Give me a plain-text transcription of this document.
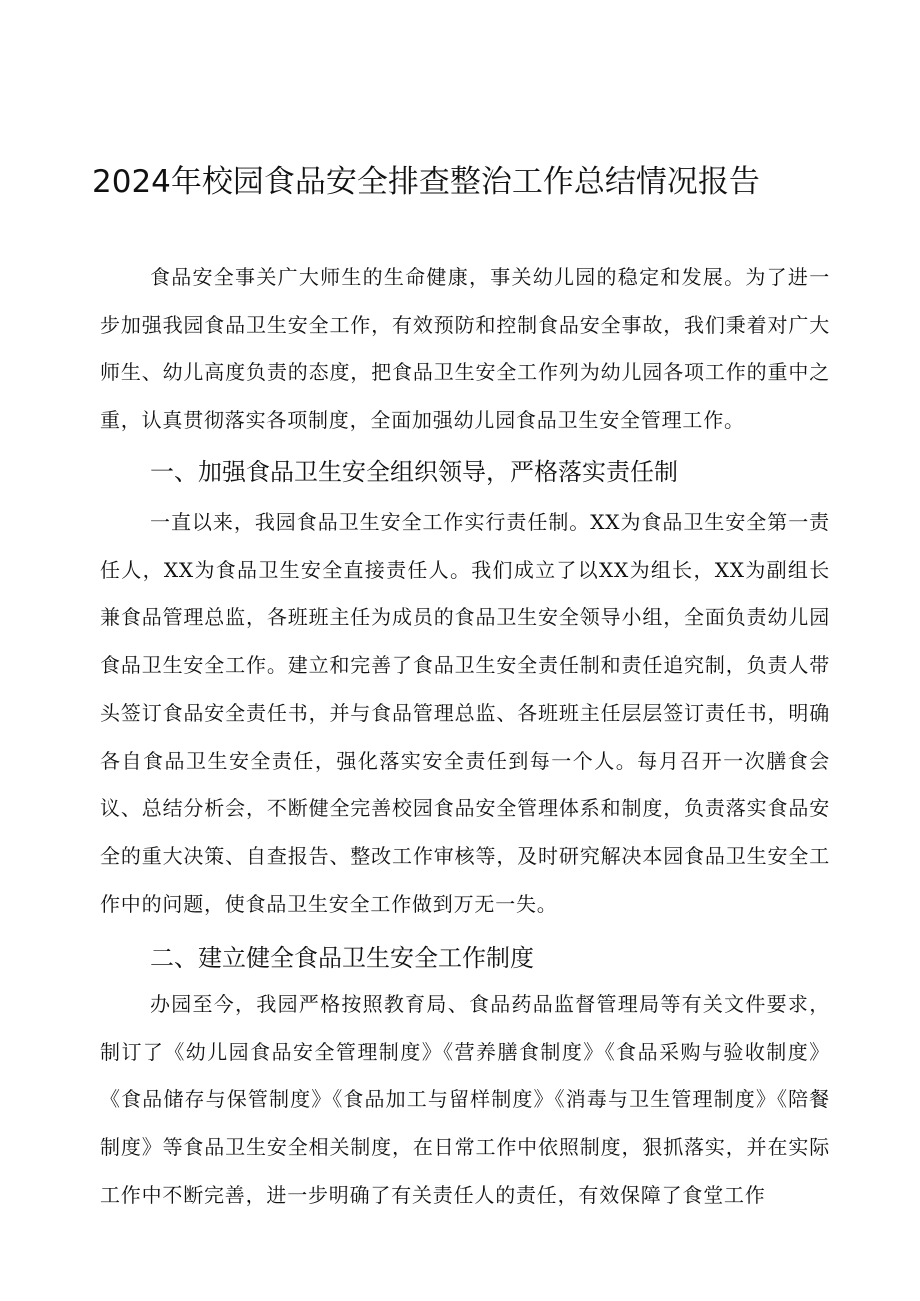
2024年校园食品安全排查整治工作总结情况报告

食品安全事关广大师生的生命健康，事关幼儿园的稳定和发展。为了进一步加强我园食品卫生安全工作，有效预防和控制食品安全事故，我们秉着对广大师生、幼儿高度负责的态度，把食品卫生安全工作列为幼儿园各项工作的重中之重，认真贯彻落实各项制度，全面加强幼儿园食品卫生安全管理工作。

一、加强食品卫生安全组织领导，严格落实责任制

一直以来，我园食品卫生安全工作实行责任制。XX为食品卫生安全第一责任人，XX为食品卫生安全直接责任人。我们成立了以XX为组长，XX为副组长兼食品管理总监，各班班主任为成员的食品卫生安全领导小组，全面负责幼儿园食品卫生安全工作。建立和完善了食品卫生安全责任制和责任追究制，负责人带头签订食品安全责任书，并与食品管理总监、各班班主任层层签订责任书，明确各自食品卫生安全责任，强化落实安全责任到每一个人。每月召开一次膳食会议、总结分析会，不断健全完善校园食品安全管理体系和制度，负责落实食品安全的重大决策、自查报告、整改工作审核等，及时研究解决本园食品卫生安全工作中的问题，使食品卫生安全工作做到万无一失。

二、建立健全食品卫生安全工作制度

办园至今，我园严格按照教育局、食品药品监督管理局等有关文件要求，制订了《幼儿园食品安全管理制度》《营养膳食制度》《食品采购与验收制度》《食品储存与保管制度》《食品加工与留样制度》《消毒与卫生管理制度》《陪餐制度》等食品卫生安全相关制度，在日常工作中依照制度，狠抓落实，并在实际工作中不断完善，进一步明确了有关责任人的责任，有效保障了食堂工作
